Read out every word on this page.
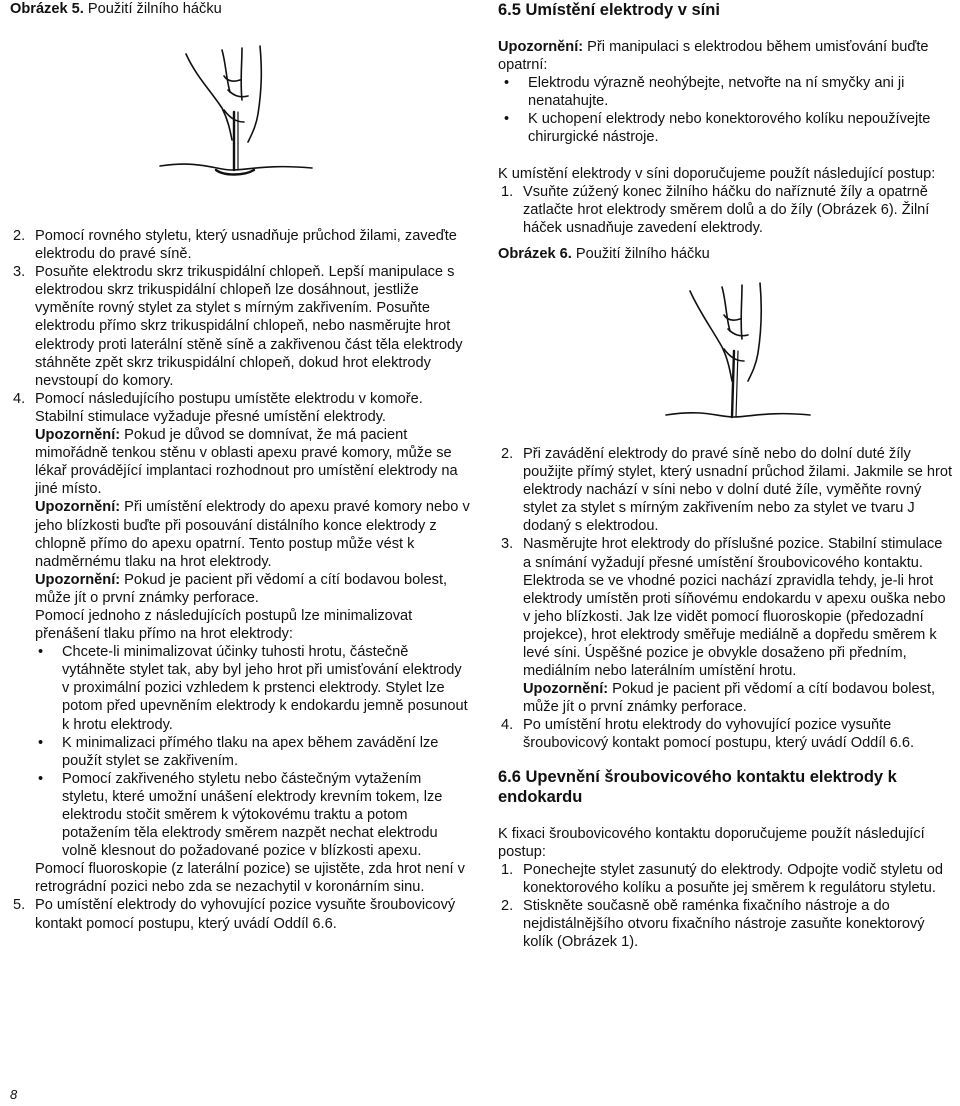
Obrázek 5. Použití žilního háčku

2. Pomocí rovného styletu, který usnadňuje průchod žilami, zaveďte elektrodu do pravé síně.

3. Posuňte elektrodu skrz trikuspidální chlopeň. Lepší manipulace s elektrodou skrz trikuspidální chlopeň lze dosáhnout, jestliže vyměníte rovný stylet za stylet s mírným zakřivením. Posuňte elektrodu přímo skrz trikuspidální chlopeň, nebo nasměrujte hrot elektrody proti laterální stěně síně a zakřivenou část těla elektrody stáhněte zpět skrz trikuspidální chlopeň, dokud hrot elektrody nevstoupí do komory.

4. Pomocí následujícího postupu umístěte elektrodu v komoře. Stabilní stimulace vyžaduje přesné umístění elektrody.

Upozornění: Pokud je důvod se domnívat, že má pacient mimořádně tenkou stěnu v oblasti apexu pravé komory, může se lékař provádějící implantaci rozhodnout pro umístění elektrody na jiné místo.

Upozornění: Při umístění elektrody do apexu pravé komory nebo v jeho blízkosti buďte při posouvání distálního konce elektrody z chlopně přímo do apexu opatrní. Tento postup může vést k nadměrnému tlaku na hrot elektrody.

Upozornění: Pokud je pacient při vědomí a cítí bodavou bolest, může jít o první známky perforace.

Pomocí jednoho z následujících postupů lze minimalizovat přenášení tlaku přímo na hrot elektrody:

• Chcete-li minimalizovat účinky tuhosti hrotu, částečně vytáhněte stylet tak, aby byl jeho hrot při umisťování elektrody v proximální pozici vzhledem k prstenci elektrody. Stylet lze potom před upevněním elektrody k endokardu jemně posunout k hrotu elektrody.

• K minimalizaci přímého tlaku na apex během zavádění lze použít stylet se zakřivením.

• Pomocí zakřiveného styletu nebo částečným vytažením styletu, které umožní unášení elektrody krevním tokem, lze elektrodu stočit směrem k výtokovému traktu a potom potažením těla elektrody směrem nazpět nechat elektrodu volně klesnout do požadované pozice v blízkosti apexu.

Pomocí fluoroskopie (z laterální pozice) se ujistěte, zda hrot není v retrográdní pozici nebo zda se nezachytil v koronárním sinu.

5. Po umístění elektrody do vyhovující pozice vysuňte šroubovicový kontakt pomocí postupu, který uvádí Oddíl 6.6.

6.5 Umístění elektrody v síni

Upozornění: Při manipulaci s elektrodou během umisťování buďte opatrní:

• Elektrodu výrazně neohýbejte, netvořte na ní smyčky ani ji nenatahujte.

• K uchopení elektrody nebo konektorového kolíku nepoužívejte chirurgické nástroje.

K umístění elektrody v síni doporučujeme použít následující postup:

1. Vsuňte zúžený konec žilního háčku do naříznuté žíly a opatrně zatlačte hrot elektrody směrem dolů a do žíly (Obrázek 6). Žilní háček usnadňuje zavedení elektrody.

Obrázek 6. Použití žilního háčku

2. Při zavádění elektrody do pravé síně nebo do dolní duté žíly použijte přímý stylet, který usnadní průchod žilami. Jakmile se hrot elektrody nachází v síni nebo v dolní duté žíle, vyměňte rovný stylet za stylet s mírným zakřivením nebo za stylet ve tvaru J dodaný s elektrodou.

3. Nasměrujte hrot elektrody do příslušné pozice. Stabilní stimulace a snímání vyžadují přesné umístění šroubovicového kontaktu.

Elektroda se ve vhodné pozici nachází zpravidla tehdy, je-li hrot elektrody umístěn proti síňovému endokardu v apexu ouška nebo v jeho blízkosti. Jak lze vidět pomocí fluoroskopie (předozadní projekce), hrot elektrody směřuje mediálně a dopředu směrem k levé síni. Úspěšné pozice je obvykle dosaženo při předním, mediálním nebo laterálním umístění hrotu.

Upozornění: Pokud je pacient při vědomí a cítí bodavou bolest, může jít o první známky perforace.

4. Po umístění hrotu elektrody do vyhovující pozice vysuňte šroubovicový kontakt pomocí postupu, který uvádí Oddíl 6.6.

6.6 Upevnění šroubovicového kontaktu elektrody k endokardu

K fixaci šroubovicového kontaktu doporučujeme použít následující postup:

1. Ponechejte stylet zasunutý do elektrody. Odpojte vodič styletu od konektorového kolíku a posuňte jej směrem k regulátoru styletu.

2. Stiskněte současně obě raménka fixačního nástroje a do nejdistálnějšího otvoru fixačního nástroje zasuňte konektorový kolík (Obrázek 1).

8
